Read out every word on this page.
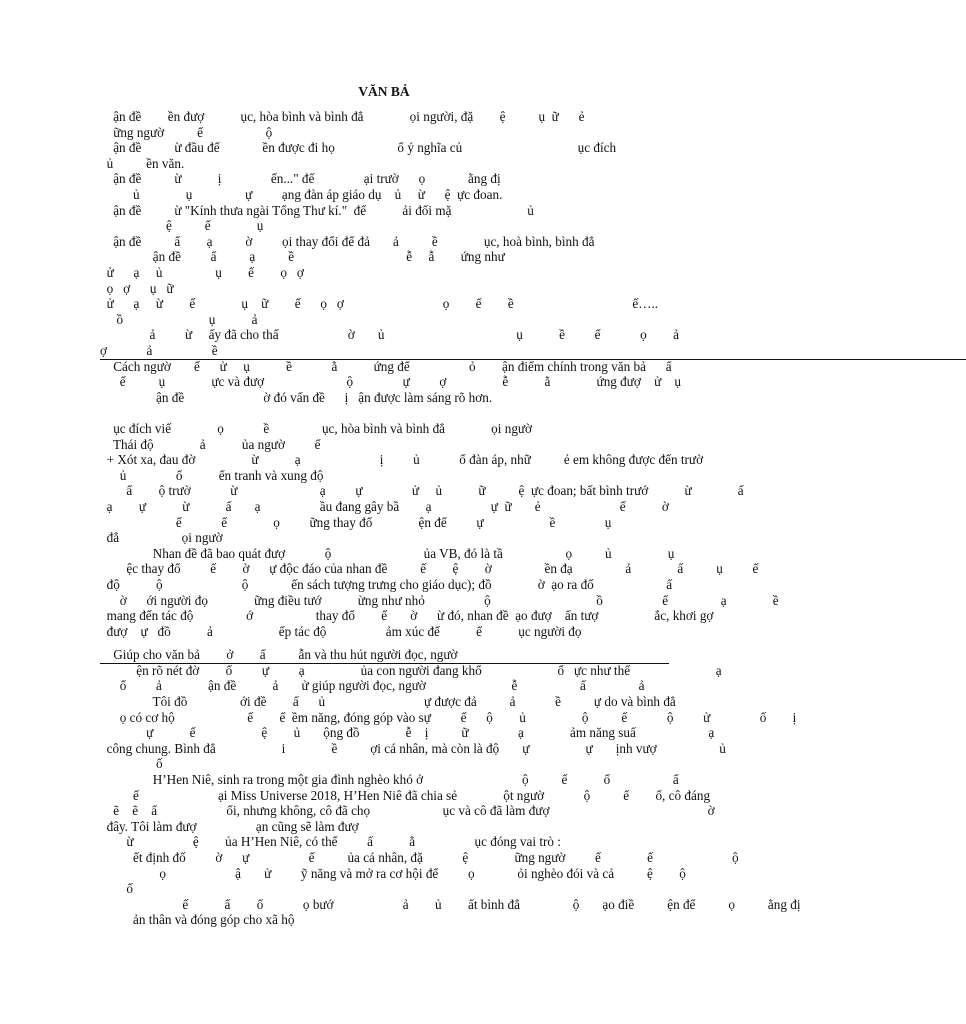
VĂN BẢ
ận đề        ền đượ           ục, hòa bình và bình đẳ              ọi người, đặ        ệ          ụ  ữ      ẻ
ững ngườ          ế                   ộ
ận đề          ừ đầu đế             ền được đi họ                   ổ ý nghĩa củ                                   ục đích
ủ          ền văn.
ận đề          ừ           ị               ến..." đế               ại trườ      ọ             ằng đị
ủ              ụ                ự         ạng đàn áp giáo dụ    ủ     ừ      ệ  ực đoan.
ận đề          ừ "Kính thưa ngài Tổng Thư kí."  để           ải đối mặ                       ủ
ệ          ế              ụ
ận đề          ẩ        ạ          ờ         ọi thay đổi để đả       ả          ề              ục, hoà bình, bình đẳ
ận đề         ẩ          ạ          ề                                  ễ     ẫ        ứng như
ử      ạ     ủ                ụ        ế        ọ   ợ
ọ   ợ      ụ   ữ
ử      ạ     ừ        ế              ụ    ữ        ế      ọ   ợ                              ọ        ế        ề                                    ế…..
ồ                          ụ           ả
ả         ừ     ấy đã cho thấ                     ờ       ủ                                        ụ           ề         ế            ọ        ả
ợ            ả                  ề
Cách ngườ       ế      ử     ụ           ề            ằ           ứng để                  ỏ        ận điểm chính trong văn bả      ẩ
ế          ụ              ực và đượ                         ộ               ự         ợ                 ễ           ằ              ứng đượ    ử    ụ
ận đề                        ờ đó vấn đề      ị   ận được làm sáng rõ hơn.
ục đích viế              ọ            ề                ục, hòa bình và bình đẳ              ọi ngườ
Thái độ              ả           ủa ngườ         ế
+ Xót xa, đau đờ                 ừ           ạ                        ị         ủ            ổ đàn áp, nhữ          ẻ em không được đến trườ
ủ               ổ           ến tranh và xung độ
ẩ        ộ trườ            ừ                         ạ         ự               ử     ủ           ữ          ệ  ực đoan; bất bình trướ           ừ              ấ
ạ        ự           ừ           ấ       ạ                  ầu đang gây bầ        ạ                  ự  ữ       ẻ                        ế           ờ
ế            ế              ọ         ững thay đổ              ện để         ự                    ề               ụ
đẳ                   ọi ngườ
Nhan đề đã bao quát đượ            ộ                            ủa VB, đó là tầ                   ọ          ủ                 ụ
ệc thay đổ         ế        ờ      ự độc đáo của nhan đề          ế        ệ        ờ                ền đạ                ả              ấ          ụ         ế
độ           ộ                        ộ             ến sách tượng trưng cho giáo dục); đồ              ờ  ạo ra đố                      ấ
ờ      ới người đọ              ững điều tướ           ừng như nhỏ                  ộ                                ồ                  ế                ạ              ề
mang đến tác độ                ớ                   thay đổ        ế       ờ      ừ đó, nhan đề  ạo đượ    ấn tượ                 ắc, khơi gợ
đượ    ự   đồ           ả                    ếp tác độ                  ảm xúc để           ế           ục người đọ
Giúp cho văn bả        ở        ấ          ẫn và thu hút người đọc, ngườ
ện rõ nét đờ        ố         ự         ạ                 ủa con người đang khổ                       ổ   ực như thế                          ạ
ổ         ả              ận đề           ả       ử giúp người đọc, ngườ                          ễ                   ấ                ả
Tôi đồ                ới đề        ấ      ủ                              ự được đả          ả            ề          ự do và bình đẳ
ọ có cơ hộ                      ế        ế  ềm năng, đóng góp vào sự         ế      ộ        ủ                 ộ          ế            ộ         ử               ố        ị
ự           ế                    ệ        ủ       ộng đồ              ễ    ị          ữ               ạ              ảm năng suấ                      ạ
công chung. Bình đẳ                    i              ề          ợi cá nhân, mà còn là độ       ự                 ự       ịnh vượ                   ủ
ố
H’Hen Niê, sinh ra trong một gia đình nghèo khó ở                              ộ          ế           ố                   ẩ
ế                        ại Miss Universe 2018, H’Hen Niê đã chia sẻ              ột ngườ            ộ          ế        ố, cô đáng
ẽ    ẽ    ẩ                     ối, nhưng không, cô đã chọ                      ục và cô đã làm đượ                                                ờ
đây. Tôi làm đượ                  ạn cũng sẽ làm đượ
ừ                  ệ        ủa H’Hen Niê, có thể         ấ           ằ                  ục đóng vai trò :
ết định đố         ờ      ự                  ế          ủa cá nhân, đặ            ệ              ững ngườ         ế              ế                        ộ
ọ                     ậ       ử         ỹ năng và mở ra cơ hội để         ọ             ỏi nghèo đói và cả          ệ        ộ
ố
ế           ẩ        ố            ọ bướ                     ả        ủ        ất bình đẳ                ộ       ạo điề          ện để          ọ          ằng đị
ản thân và đóng góp cho xã hộ
